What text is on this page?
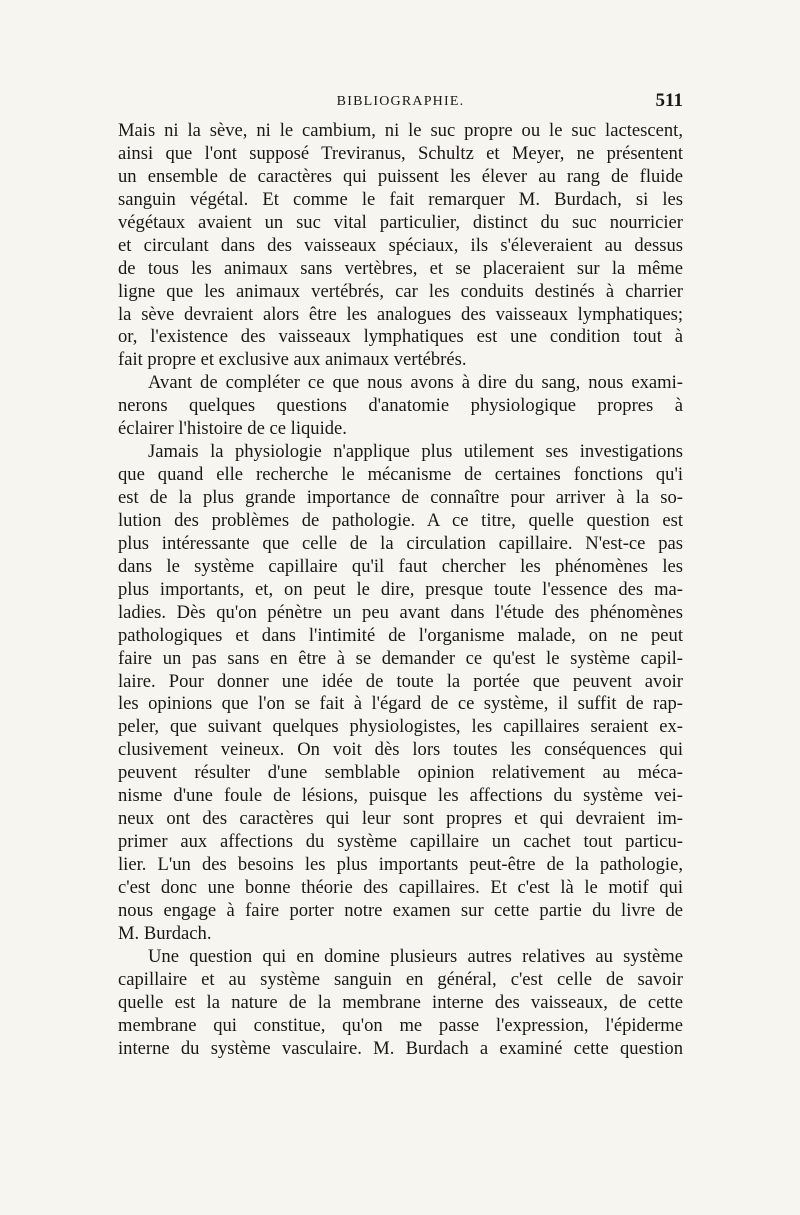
BIBLIOGRAPHIE.	511
Mais ni la sève, ni le cambium, ni le suc propre ou le suc lactescent,
ainsi que l'ont supposé Treviranus, Schultz et Meyer, ne présentent
un ensemble de caractères qui puissent les élever au rang de fluide
sanguin végétal. Et comme le fait remarquer M. Burdach, si les
végétaux avaient un suc vital particulier, distinct du suc nourricier
et circulant dans des vaisseaux spéciaux, ils s'éleveraient au dessus
de tous les animaux sans vertèbres, et se placeraient sur la même
ligne que les animaux vertébrés, car les conduits destinés à charrier
la sève devraient alors être les analogues des vaisseaux lymphatiques;
or, l'existence des vaisseaux lymphatiques est une condition tout à
fait propre et exclusive aux animaux vertébrés.
Avant de compléter ce que nous avons à dire du sang, nous exami-
nerons quelques questions d'anatomie physiologique propres à
éclairer l'histoire de ce liquide.
Jamais la physiologie n'applique plus utilement ses investigations
que quand elle recherche le mécanisme de certaines fonctions qu'i
est de la plus grande importance de connaître pour arriver à la so-
lution des problèmes de pathologie. A ce titre, quelle question est
plus intéressante que celle de la circulation capillaire. N'est-ce pas
dans le système capillaire qu'il faut chercher les phénomènes les
plus importants, et, on peut le dire, presque toute l'essence des ma-
ladies. Dès qu'on pénètre un peu avant dans l'étude des phénomènes
pathologiques et dans l'intimité de l'organisme malade, on ne peut
faire un pas sans en être à se demander ce qu'est le système capil-
laire. Pour donner une idée de toute la portée que peuvent avoir
les opinions que l'on se fait à l'égard de ce système, il suffit de rap-
peler, que suivant quelques physiologistes, les capillaires seraient ex-
clusivement veineux. On voit dès lors toutes les conséquences qui
peuvent résulter d'une semblable opinion relativement au méca-
nisme d'une foule de lésions, puisque les affections du système vei-
neux ont des caractères qui leur sont propres et qui devraient im-
primer aux affections du système capillaire un cachet tout particu-
lier. L'un des besoins les plus importants peut-être de la pathologie,
c'est donc une bonne théorie des capillaires. Et c'est là le motif qui
nous engage à faire porter notre examen sur cette partie du livre de
M. Burdach.
Une question qui en domine plusieurs autres relatives au système
capillaire et au système sanguin en général, c'est celle de savoir
quelle est la nature de la membrane interne des vaisseaux, de cette
membrane qui constitue, qu'on me passe l'expression, l'épiderme
interne du système vasculaire. M. Burdach a examiné cette question
